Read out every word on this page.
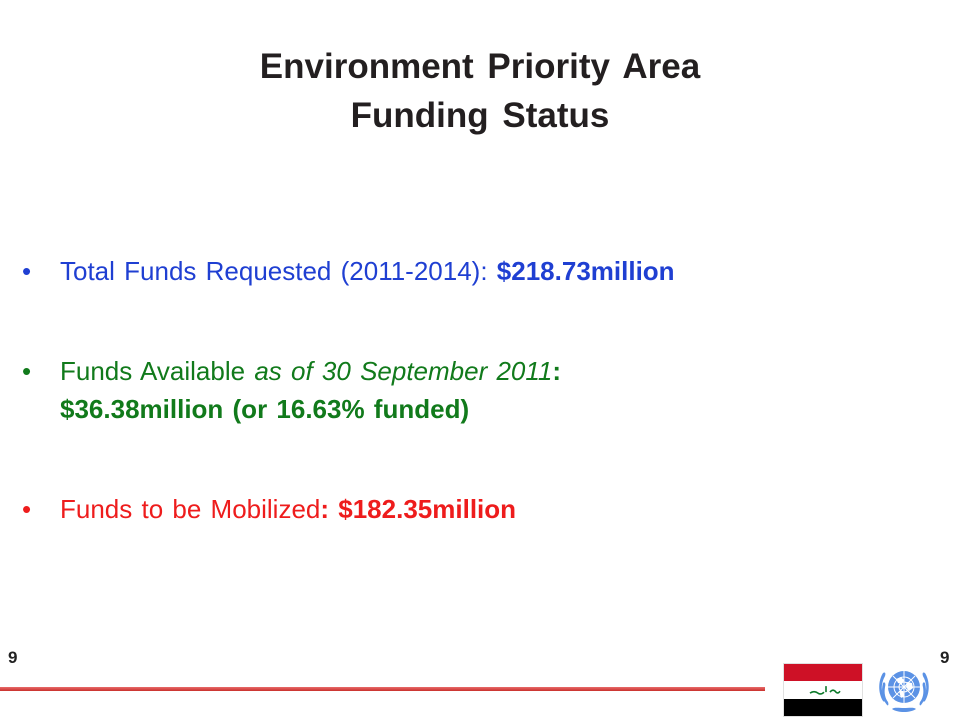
Environment Priority Area
Funding Status
•	Total Funds Requested (2011-2014): $218.73million
•	Funds Available as of 30 September 2011:
$36.38million (or 16.63% funded)
•	Funds to be Mobilized: $182.35million
9	9
